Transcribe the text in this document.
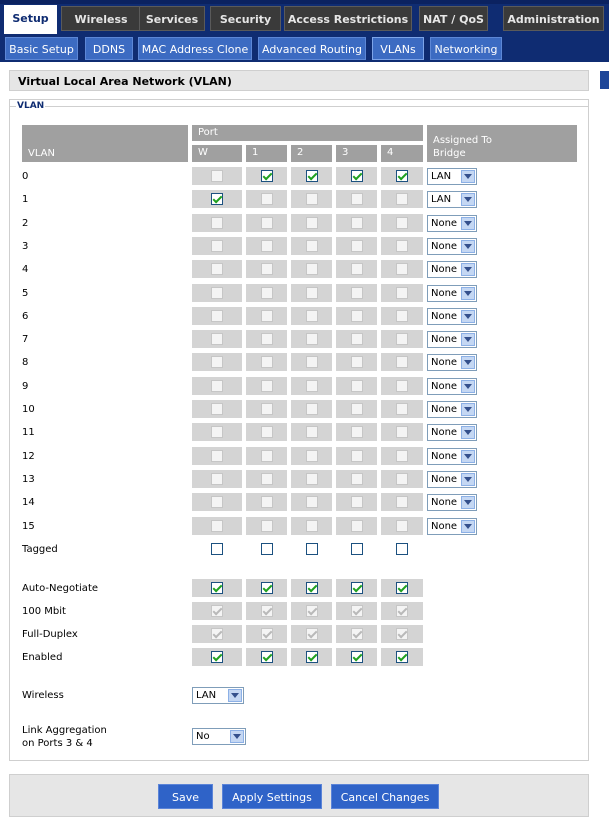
Setup	Wireless	Services	Security	Access Restrictions	NAT / QoS	Administration
Basic Setup	DDNS	MAC Address Clone	Advanced Routing	VLANs	Networking
Virtual Local Area Network (VLAN)
VLAN
VLAN
Port
Assigned To Bridge
W	1	2	3	4
0	LAN
1	LAN
2	None
3	None
4	None
5	None
6	None
7	None
8	None
9	None
10	None
11	None
12	None
13	None
14	None
15	None
Tagged
Auto-Negotiate
100 Mbit
Full-Duplex
Enabled
Wireless	LAN
Link Aggregation
on Ports 3 & 4
No
Save	Apply Settings	Cancel Changes
